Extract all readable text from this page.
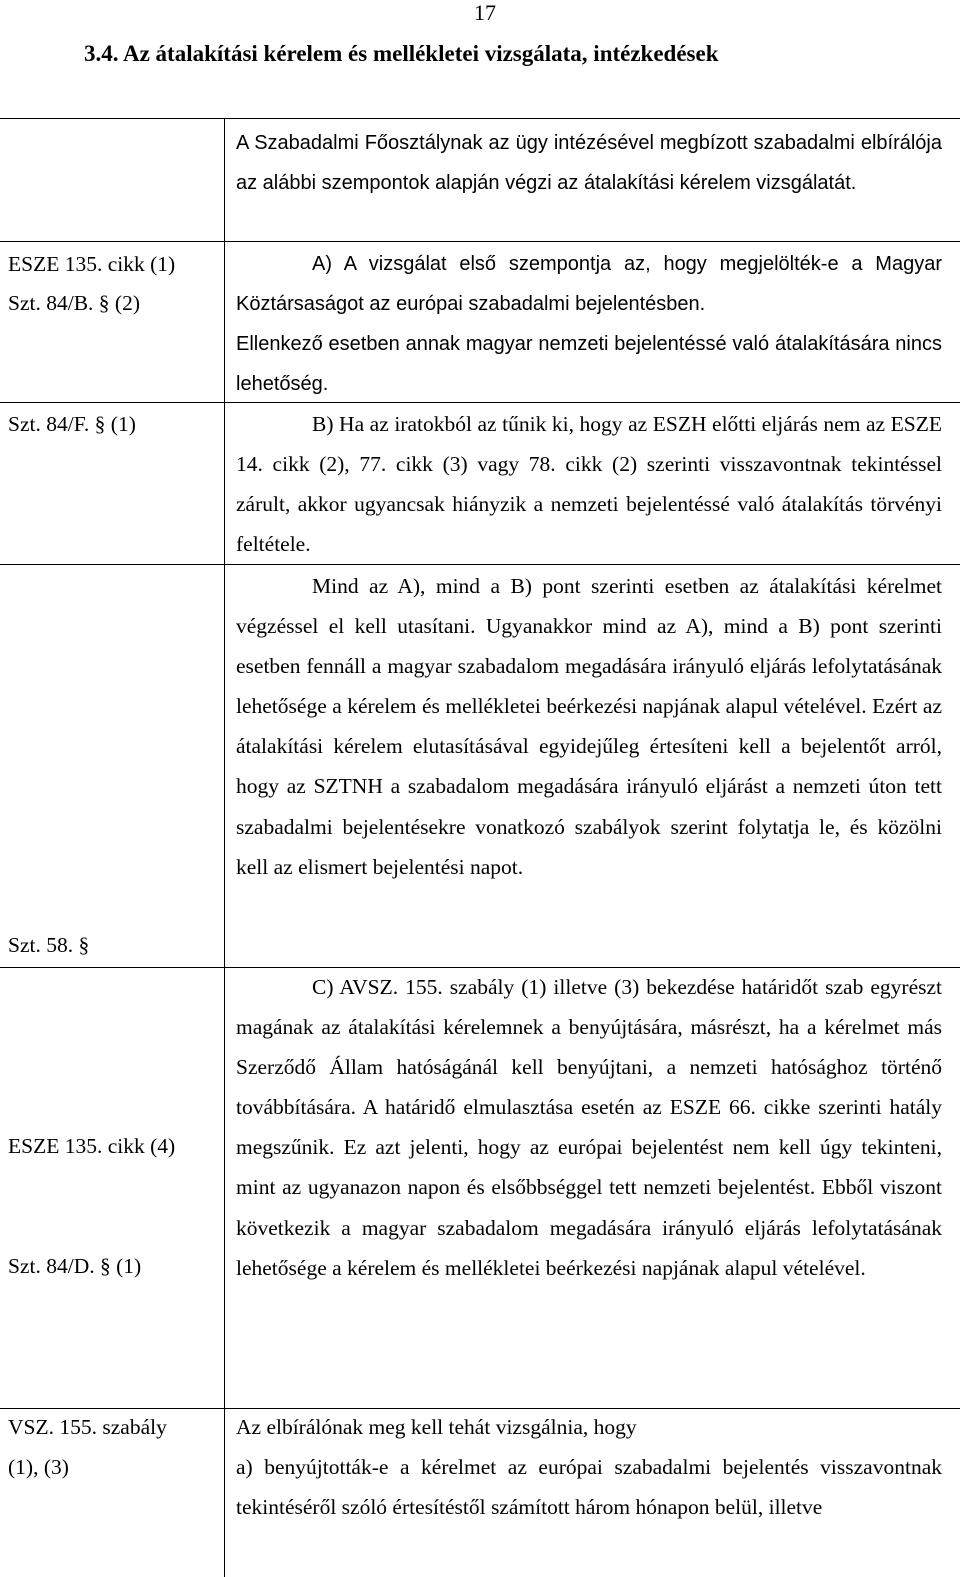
17
3.4. Az átalakítási kérelem és mellékletei vizsgálata, intézkedések
ESZE 135. cikk (1)
Szt. 84/B. § (2)
Szt. 84/F. § (1)
Szt. 58. §
ESZE 135. cikk (4)
Szt. 84/D. § (1)
VSZ. 155. szabály
(1), (3)
A Szabadalmi Főosztálynak az ügy intézésével megbízott szabadalmi elbírálója az alábbi szempontok alapján végzi az átalakítási kérelem vizsgálatát.
A) A vizsgálat első szempontja az, hogy megjelölték-e a Magyar Köztársaságot az európai szabadalmi bejelentésben.
Ellenkező esetben annak magyar nemzeti bejelentéssé való átalakítására nincs lehetőség.
B) Ha az iratokból az tűnik ki, hogy az ESZH előtti eljárás nem az ESZE 14. cikk (2), 77. cikk (3) vagy 78. cikk (2) szerinti visszavontnak tekintéssel zárult, akkor ugyancsak hiányzik a nemzeti bejelentéssé való átalakítás törvényi feltétele.
Mind az A), mind a B) pont szerinti esetben az átalakítási kérelmet végzéssel el kell utasítani. Ugyanakkor mind az A), mind a B) pont szerinti esetben fennáll a magyar szabadalom megadására irányuló eljárás lefolytatásának lehetősége a kérelem és mellékletei beérkezési napjának alapul vételével. Ezért az átalakítási kérelem elutasításával egyidejűleg értesíteni kell a bejelentőt arról, hogy az SZTNH a szabadalom megadására irányuló eljárást a nemzeti úton tett szabadalmi bejelentésekre vonatkozó szabályok szerint folytatja le, és közölni kell az elismert bejelentési napot.
C) AVSZ. 155. szabály (1) illetve (3) bekezdése határidőt szab egyrészt magának az átalakítási kérelemnek a benyújtására, másrészt, ha a kérelmet más Szerződő Állam hatóságánál kell benyújtani, a nemzeti hatósághoz történő továbbítására. A határidő elmulasztása esetén az ESZE 66. cikke szerinti hatály megszűnik. Ez azt jelenti, hogy az európai bejelentést nem kell úgy tekinteni, mint az ugyanazon napon és elsőbbséggel tett nemzeti bejelentést. Ebből viszont következik a magyar szabadalom megadására irányuló eljárás lefolytatásának lehetősége a kérelem és mellékletei beérkezési napjának alapul vételével.
Az elbírálónak meg kell tehát vizsgálnia, hogy
a) benyújtották-e a kérelmet az európai szabadalmi bejelentés visszavontnak tekintéséről szóló értesítéstől számított három hónapon belül, illetve
